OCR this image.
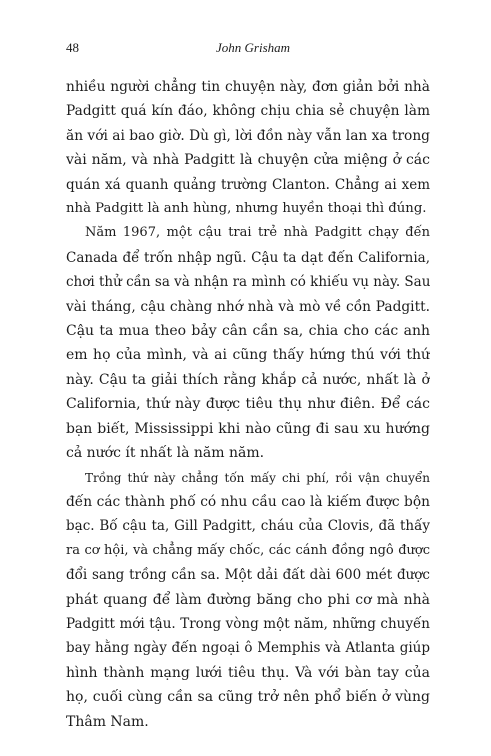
48	John Grisham

nhiều người chẳng tin chuyện này, đơn giản bởi nhà
Padgitt quá kín đáo, không chịu chia sẻ chuyện làm
ăn với ai bao giờ. Dù gì, lời đồn này vẫn lan xa trong
vài năm, và nhà Padgitt là chuyện cửa miệng ở các
quán xá quanh quảng trường Clanton. Chẳng ai xem
nhà Padgitt là anh hùng, nhưng huyền thoại thì đúng.

Năm 1967, một cậu trai trẻ nhà Padgitt chạy đến
Canada để trốn nhập ngũ. Cậu ta dạt đến California,
chơi thử cần sa và nhận ra mình có khiếu vụ này. Sau
vài tháng, cậu chàng nhớ nhà và mò về cồn Padgitt.
Cậu ta mua theo bảy cân cần sa, chia cho các anh
em họ của mình, và ai cũng thấy hứng thú với thứ
này. Cậu ta giải thích rằng khắp cả nước, nhất là ở
California, thứ này được tiêu thụ như điên. Để các
bạn biết, Mississippi khi nào cũng đi sau xu hướng
cả nước ít nhất là năm năm.

Trồng thứ này chẳng tốn mấy chi phí, rồi vận chuyển
đến các thành phố có nhu cầu cao là kiếm được bộn
bạc. Bố cậu ta, Gill Padgitt, cháu của Clovis, đã thấy
ra cơ hội, và chẳng mấy chốc, các cánh đồng ngô được
đổi sang trồng cần sa. Một dải đất dài 600 mét được
phát quang để làm đường băng cho phi cơ mà nhà
Padgitt mới tậu. Trong vòng một năm, những chuyến
bay hằng ngày đến ngoại ô Memphis và Atlanta giúp
hình thành mạng lưới tiêu thụ. Và với bàn tay của
họ, cuối cùng cần sa cũng trở nên phổ biến ở vùng
Thâm Nam.
